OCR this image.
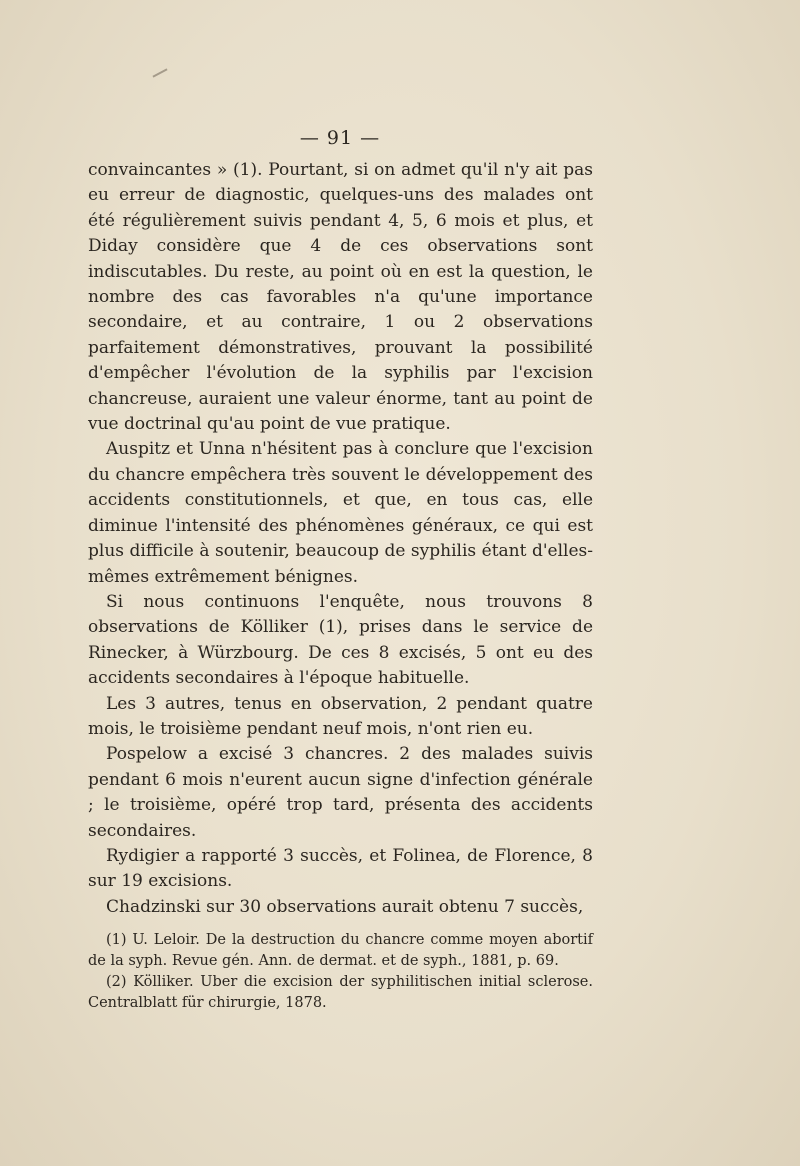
— 91 —

convaincantes » (1). Pourtant, si on admet qu'il n'y ait pas eu erreur de diagnostic, quelques-uns des malades ont été régulièrement suivis pendant 4, 5, 6 mois et plus, et Diday considère que 4 de ces observations sont indiscutables. Du reste, au point où en est la question, le nombre des cas favorables n'a qu'une importance secondaire, et au contraire, 1 ou 2 observations parfaitement démonstratives, prouvant la possibilité d'empêcher l'évolution de la syphilis par l'excision chancreuse, auraient une valeur énorme, tant au point de vue doctrinal qu'au point de vue pratique.

Auspitz et Unna n'hésitent pas à conclure que l'excision du chancre empêchera très souvent le développement des accidents constitutionnels, et que, en tous cas, elle diminue l'intensité des phénomènes généraux, ce qui est plus difficile à soutenir, beaucoup de syphilis étant d'elles-mêmes extrêmement bénignes.

Si nous continuons l'enquête, nous trouvons 8 observations de Kölliker (1), prises dans le service de Rinecker, à Würzbourg. De ces 8 excisés, 5 ont eu des accidents secondaires à l'époque habituelle.

Les 3 autres, tenus en observation, 2 pendant quatre mois, le troisième pendant neuf mois, n'ont rien eu.

Pospelow a excisé 3 chancres. 2 des malades suivis pendant 6 mois n'eurent aucun signe d'infection générale ; le troisième, opéré trop tard, présenta des accidents secondaires.

Rydigier a rapporté 3 succès, et Folinea, de Florence, 8 sur 19 excisions.

Chadzinski sur 30 observations aurait obtenu 7 succès,

(1) U. Leloir. De la destruction du chancre comme moyen abortif de la syph. Revue gén. Ann. de dermat. et de syph., 1881, p. 69.

(2) Kölliker. Uber die excision der syphilitischen initial sclerose. Centralblatt für chirurgie, 1878.
